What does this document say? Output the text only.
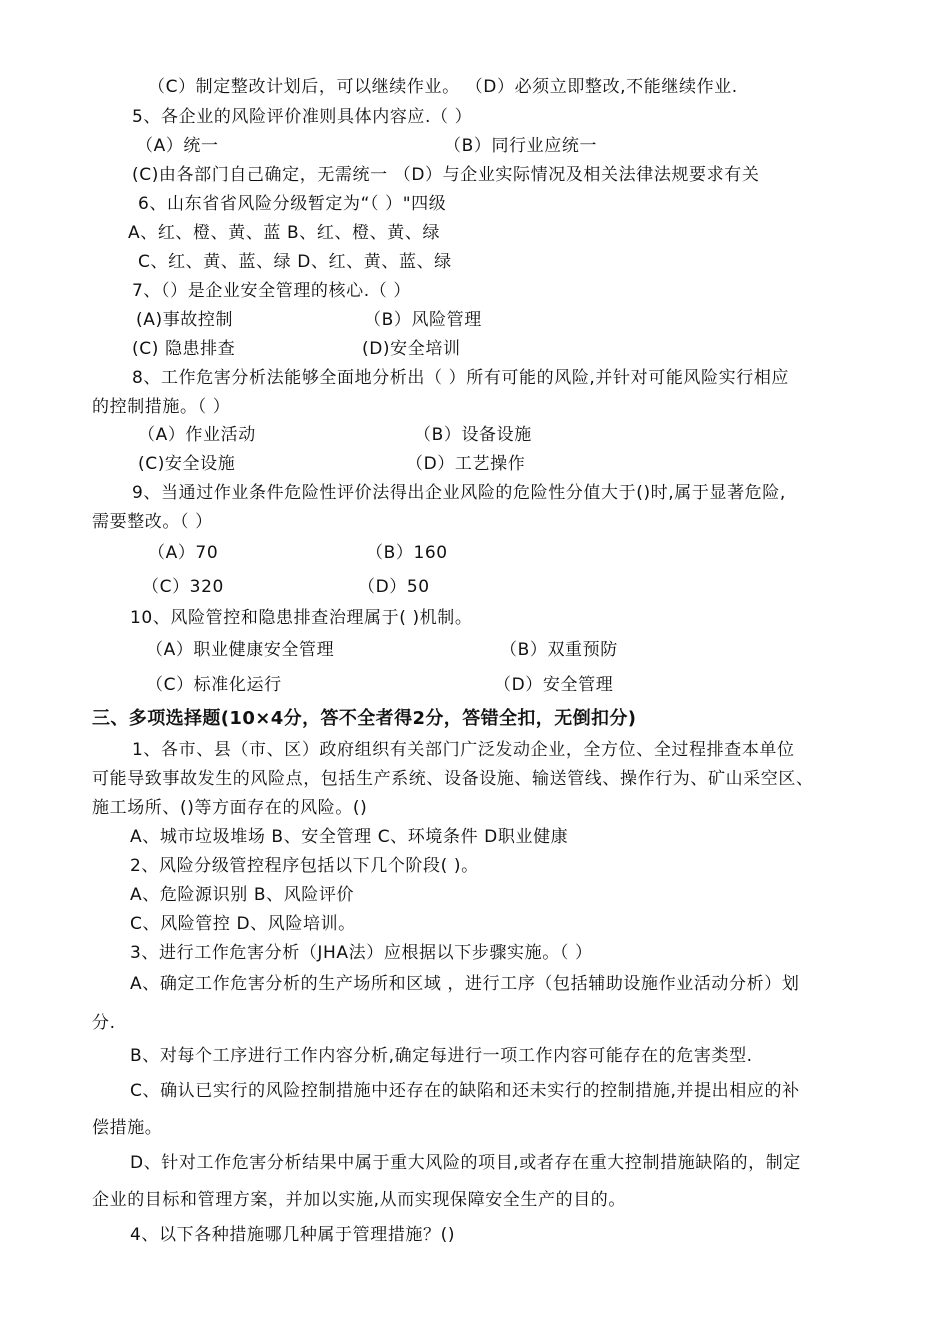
（C）制定整改计划后，可以继续作业。 （D）必须立即整改,不能继续作业.
5、各企业的风险评价准则具体内容应.（ ）
（A）统一	（B）同行业应统一
(C)由各部门自己确定，无需统一 （D）与企业实际情况及相关法律法规要求有关
6、山东省省风险分级暂定为“（ ）"四级
A、红、橙、黄、蓝 B、红、橙、黄、绿
C、红、黄、蓝、绿 D、红、黄、蓝、绿
7、（）是企业安全管理的核心.（ ）
(A)事故控制	（B）风险管理
(C) 隐患排查	(D)安全培训
8、工作危害分析法能够全面地分析出（ ）所有可能的风险,并针对可能风险实行相应
的控制措施。（ ）
（A）作业活动	（B）设备设施
(C)安全设施	（D）工艺操作
9、当通过作业条件危险性评价法得出企业风险的危险性分值大于()时,属于显著危险,
需要整改。（ ）
（A）70	（B）160
（C）320	（D）50
10、风险管控和隐患排查治理属于( )机制。
（A）职业健康安全管理	（B）双重预防
（C）标准化运行	（D）安全管理
三、多项选择题(10×4分，答不全者得2分，答错全扣，无倒扣分)
1、各市、县（市、区）政府组织有关部门广泛发动企业，全方位、全过程排查本单位
可能导致事故发生的风险点，包括生产系统、设备设施、输送管线、操作行为、矿山采空区、
施工场所、()等方面存在的风险。()
A、城市垃圾堆场 B、安全管理 C、环境条件 D职业健康
2、风险分级管控程序包括以下几个阶段( )。
A、危险源识别 B、风险评价
C、风险管控 D、风险培训。
3、进行工作危害分析（JHA法）应根据以下步骤实施。（ ）
A、确定工作危害分析的生产场所和区域 ，进行工序（包括辅助设施作业活动分析）划
分.
B、对每个工序进行工作内容分析,确定每进行一项工作内容可能存在的危害类型.
C、确认已实行的风险控制措施中还存在的缺陷和还未实行的控制措施,并提出相应的补
偿措施。
D、针对工作危害分析结果中属于重大风险的项目,或者存在重大控制措施缺陷的，制定
企业的目标和管理方案，并加以实施,从而实现保障安全生产的目的。
4、以下各种措施哪几种属于管理措施？()
